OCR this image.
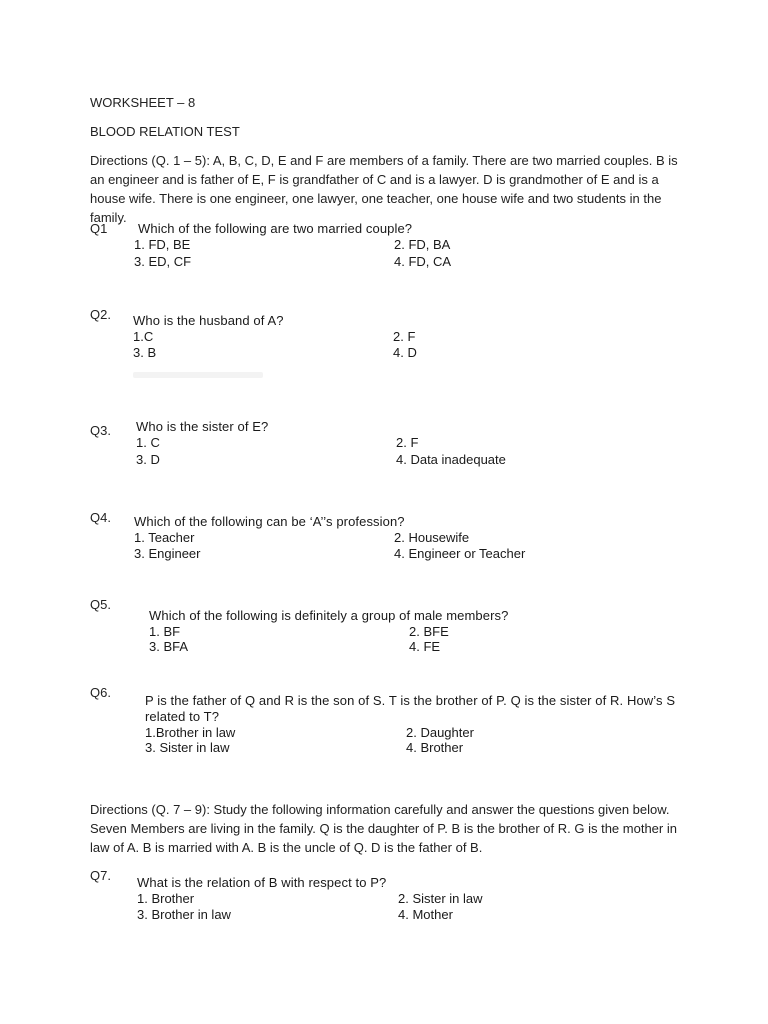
WORKSHEET – 8
BLOOD RELATION TEST
Directions (Q. 1 – 5): A, B, C, D, E and F are members of a family. There are two married couples. B is an engineer and is father of E, F is grandfather of C and is a lawyer. D is grandmother of E and is a house wife. There is one engineer, one lawyer, one teacher, one house wife and two students in the family.
Q1 Which of the following are two married couple?
1. FD, BE	2. FD, BA
3. ED, CF	4. FD, CA
Q2. Who is the husband of A?
1.C	2. F
3. B	4. D
Q3. Who is the sister of E?
1. C	2. F
3. D	4. Data inadequate
Q4. Which of the following can be ‘A’’s profession?
1. Teacher	2. Housewife
3. Engineer	4. Engineer or Teacher
Q5.
Which of the following is definitely a group of male members?
1. BF	2. BFE
3. BFA	4. FE
Q6.
P is the father of Q and R is the son of S. T is the brother of P. Q is the sister of R. How’s S
related to T?
1.Brother in law	2. Daughter
3. Sister in law	4. Brother
Directions (Q. 7 – 9): Study the following information carefully and answer the questions given below. Seven Members are living in the family. Q is the daughter of P. B is the brother of R. G is the mother in law of A. B is married with A. B is the uncle of Q. D is the father of B.
Q7. What is the relation of B with respect to P?
1. Brother	2. Sister in law
3. Brother in law	4. Mother
